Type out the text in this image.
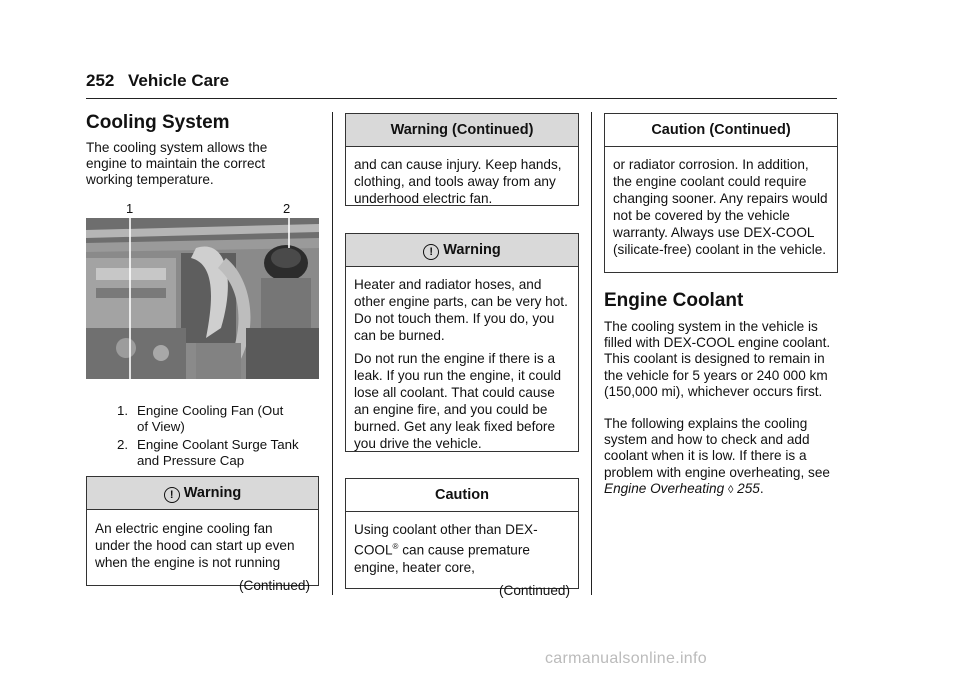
252 Vehicle Care
Cooling System
The cooling system allows the engine to maintain the correct working temperature.
1	2
1. Engine Cooling Fan (Out
of View)
2. Engine Coolant Surge Tank
and Pressure Cap
! Warning

An electric engine cooling fan under the hood can start up even when the engine is not running

(Continued)
Warning (Continued)

and can cause injury. Keep hands, clothing, and tools away from any underhood electric fan.

! Warning

Heater and radiator hoses, and other engine parts, can be very hot. Do not touch them. If you do, you can be burned.

Do not run the engine if there is a leak. If you run the engine, it could lose all coolant. That could cause an engine fire, and you could be burned. Get any leak fixed before you drive the vehicle.

Caution

Using coolant other than DEX-COOL® can cause premature engine, heater core,

(Continued)
Caution (Continued)

or radiator corrosion. In addition, the engine coolant could require changing sooner. Any repairs would not be covered by the vehicle warranty. Always use DEX-COOL (silicate-free) coolant in the vehicle.

Engine Coolant
The cooling system in the vehicle is filled with DEX-COOL engine coolant. This coolant is designed to remain in the vehicle for 5 years or 240 000 km (150,000 mi), whichever occurs first.
The following explains the cooling system and how to check and add coolant when it is low. If there is a problem with engine overheating, see Engine Overheating ◊ 255.
carmanualsonline.info
